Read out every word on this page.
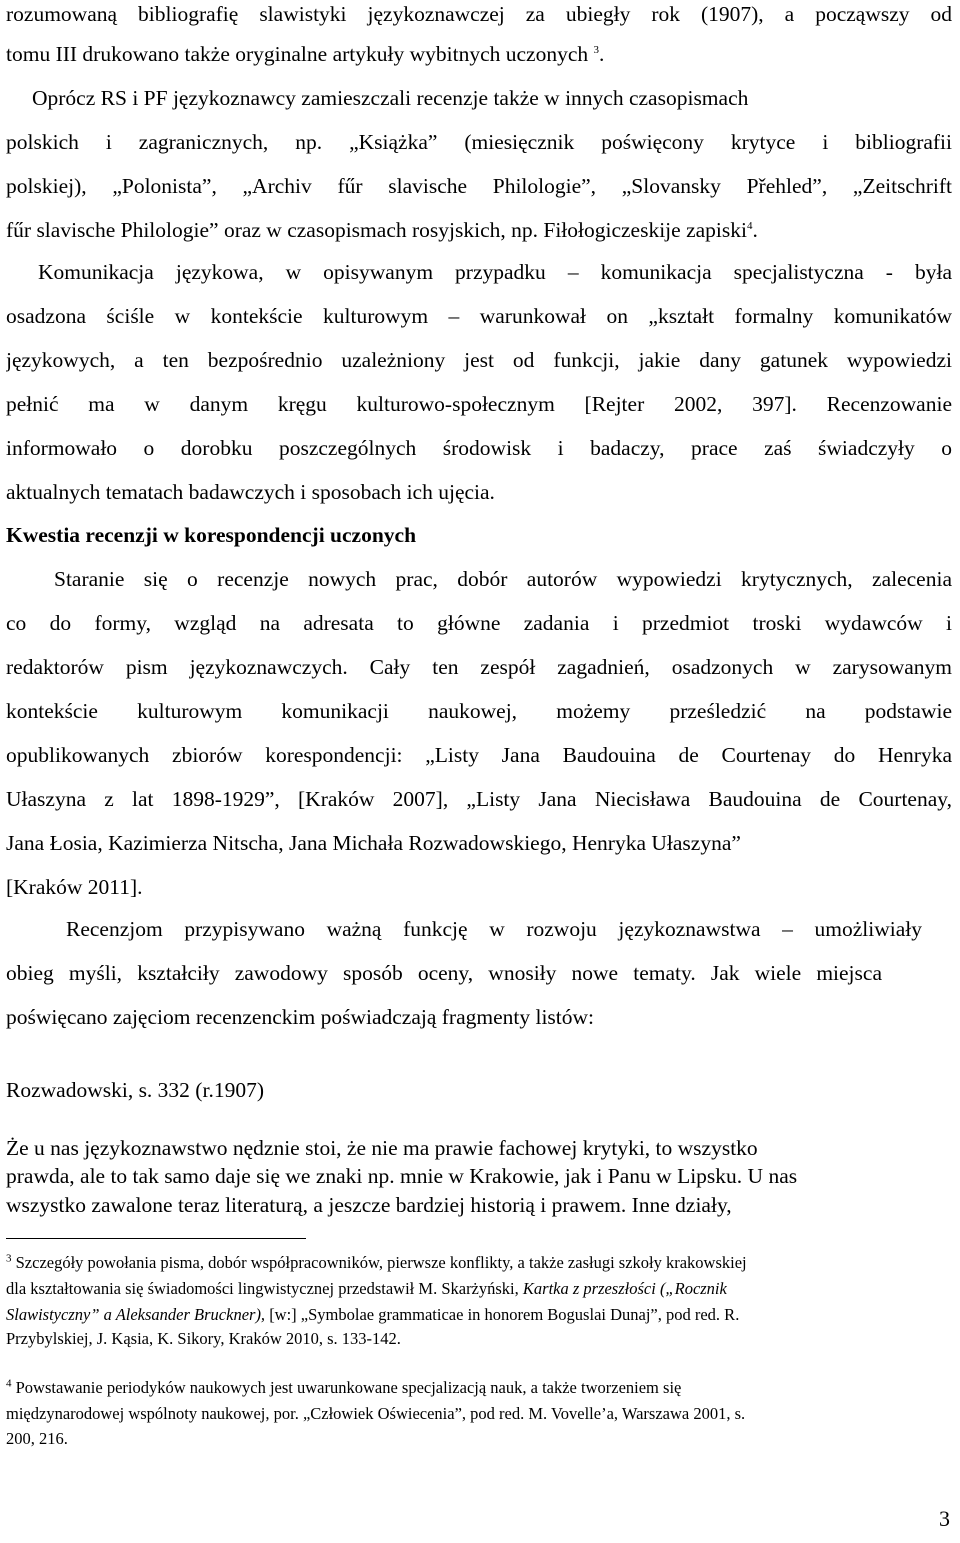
rozumowaną bibliografię slawistyki językoznawczej za ubiegły rok (1907), a począwszy od
tomu III drukowano także oryginalne artykuły wybitnych uczonych $^3$.
Oprócz RS i PF językoznawcy zamieszczali recenzje także w innych czasopismach
polskich i zagranicznych, np. „Książka” (miesięcznik poświęcony krytyce i bibliografii
polskiej), „Polonista”, „Archiv fűr slavische Philologie”, „Slovansky Přehled”, „Zeitschrift
fűr slavische Philologie” oraz w czasopismach rosyjskich, np. Fiłołogiczeskije zapiski$^4$.
Komunikacja językowa, w opisywanym przypadku – komunikacja specjalistyczna - była
osadzona ściśle w kontekście kulturowym – warunkował on „kształt formalny komunikatów
językowych, a ten bezpośrednio uzależniony jest od funkcji, jakie dany gatunek wypowiedzi
pełnić ma w danym kręgu kulturowo-społecznym [Rejter 2002, 397]. Recenzowanie
informowało o dorobku poszczególnych środowisk i badaczy, prace zaś świadczyły o
aktualnych tematach badawczych i sposobach ich ujęcia.
Kwestia recenzji w korespondencji uczonych
Staranie się o recenzje nowych prac, dobór autorów wypowiedzi krytycznych, zalecenia
co do formy, wzgląd na adresata to główne zadania i przedmiot troski wydawców i
redaktorów pism językoznawczych. Cały ten zespół zagadnień, osadzonych w zarysowanym
kontekście kulturowym komunikacji naukowej, możemy prześledzić na podstawie
opublikowanych zbiorów korespondencji: „Listy Jana Baudouina de Courtenay do Henryka
Ułaszyna z lat 1898-1929”, [Kraków 2007], „Listy Jana Niecisława Baudouina de Courtenay,
Jana Łosia, Kazimierza Nitscha, Jana Michała Rozwadowskiego, Henryka Ułaszyna”
[Kraków 2011].
Recenzjom przypisywano ważną funkcję w rozwoju językoznawstwa – umożliwiały
obieg myśli, kształciły zawodowy sposób oceny, wnosiły nowe tematy. Jak wiele miejsca
poświęcano zajęciom recenzenckim poświadczają fragmenty listów:
Rozwadowski, s. 332 (r.1907)
Że u nas językoznawstwo nędznie stoi, że nie ma prawie fachowej krytyki, to wszystko
prawda, ale to tak samo daje się we znaki np. mnie w Krakowie, jak i Panu w Lipsku. U nas
wszystko zawalone teraz literaturą, a jeszcze bardziej historią i prawem. Inne działy,
$^3$ Szczegóły powołania pisma, dobór współpracowników, pierwsze konflikty, a także zasługi szkoły krakowskiej
dla kształtowania się świadomości lingwistycznej przedstawił M. Skarżyński, Kartka z przeszłości („Rocznik
Slawistyczny” a Aleksander Bruckner), [w:] „Symbolae grammaticae in honorem Boguslai Dunaj”, pod red. R.
Przybylskiej, J. Kąsia, K. Sikory, Kraków 2010, s. 133-142.
$^4$ Powstawanie periodyków naukowych jest uwarunkowane specjalizacją nauk, a także tworzeniem się
międzynarodowej wspólnoty naukowej, por. „Człowiek Oświecenia”, pod red. M. Vovelle’a, Warszawa 2001, s.
200, 216.
3
